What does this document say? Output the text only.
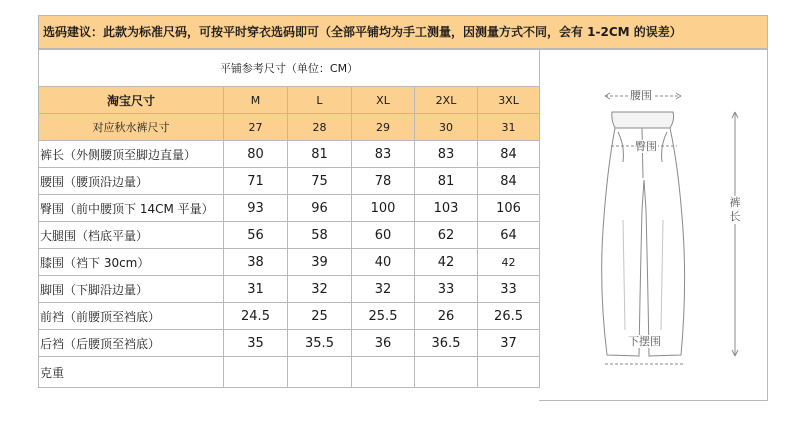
选码建议：此款为标准尺码，可按平时穿衣选码即可（全部平铺均为手工测量，因测量方式不同，会有 1-2CM 的误差）
平铺参考尺寸（单位：CM）					
淘宝尺寸	M	L	XL	2XL	3XL
对应秋水裤尺寸	27	28	29	30	31
裤长（外侧腰顶至脚边直量）	80	81	83	83	84
腰围（腰顶沿边量）	71	75	78	81	84
臀围（前中腰顶下 14CM 平量）	93	96	100	103	106
大腿围（档底平量）	56	58	60	62	64
膝围（裆下 30cm）	38	39	40	42	42
脚围（下脚沿边量）	31	32	32	33	33
前裆（前腰顶至裆底）	24.5	25	25.5	26	26.5
后裆（后腰顶至裆底）	35	35.5	36	36.5	37
克重					
腰围
臀围
裤长
下摆围
